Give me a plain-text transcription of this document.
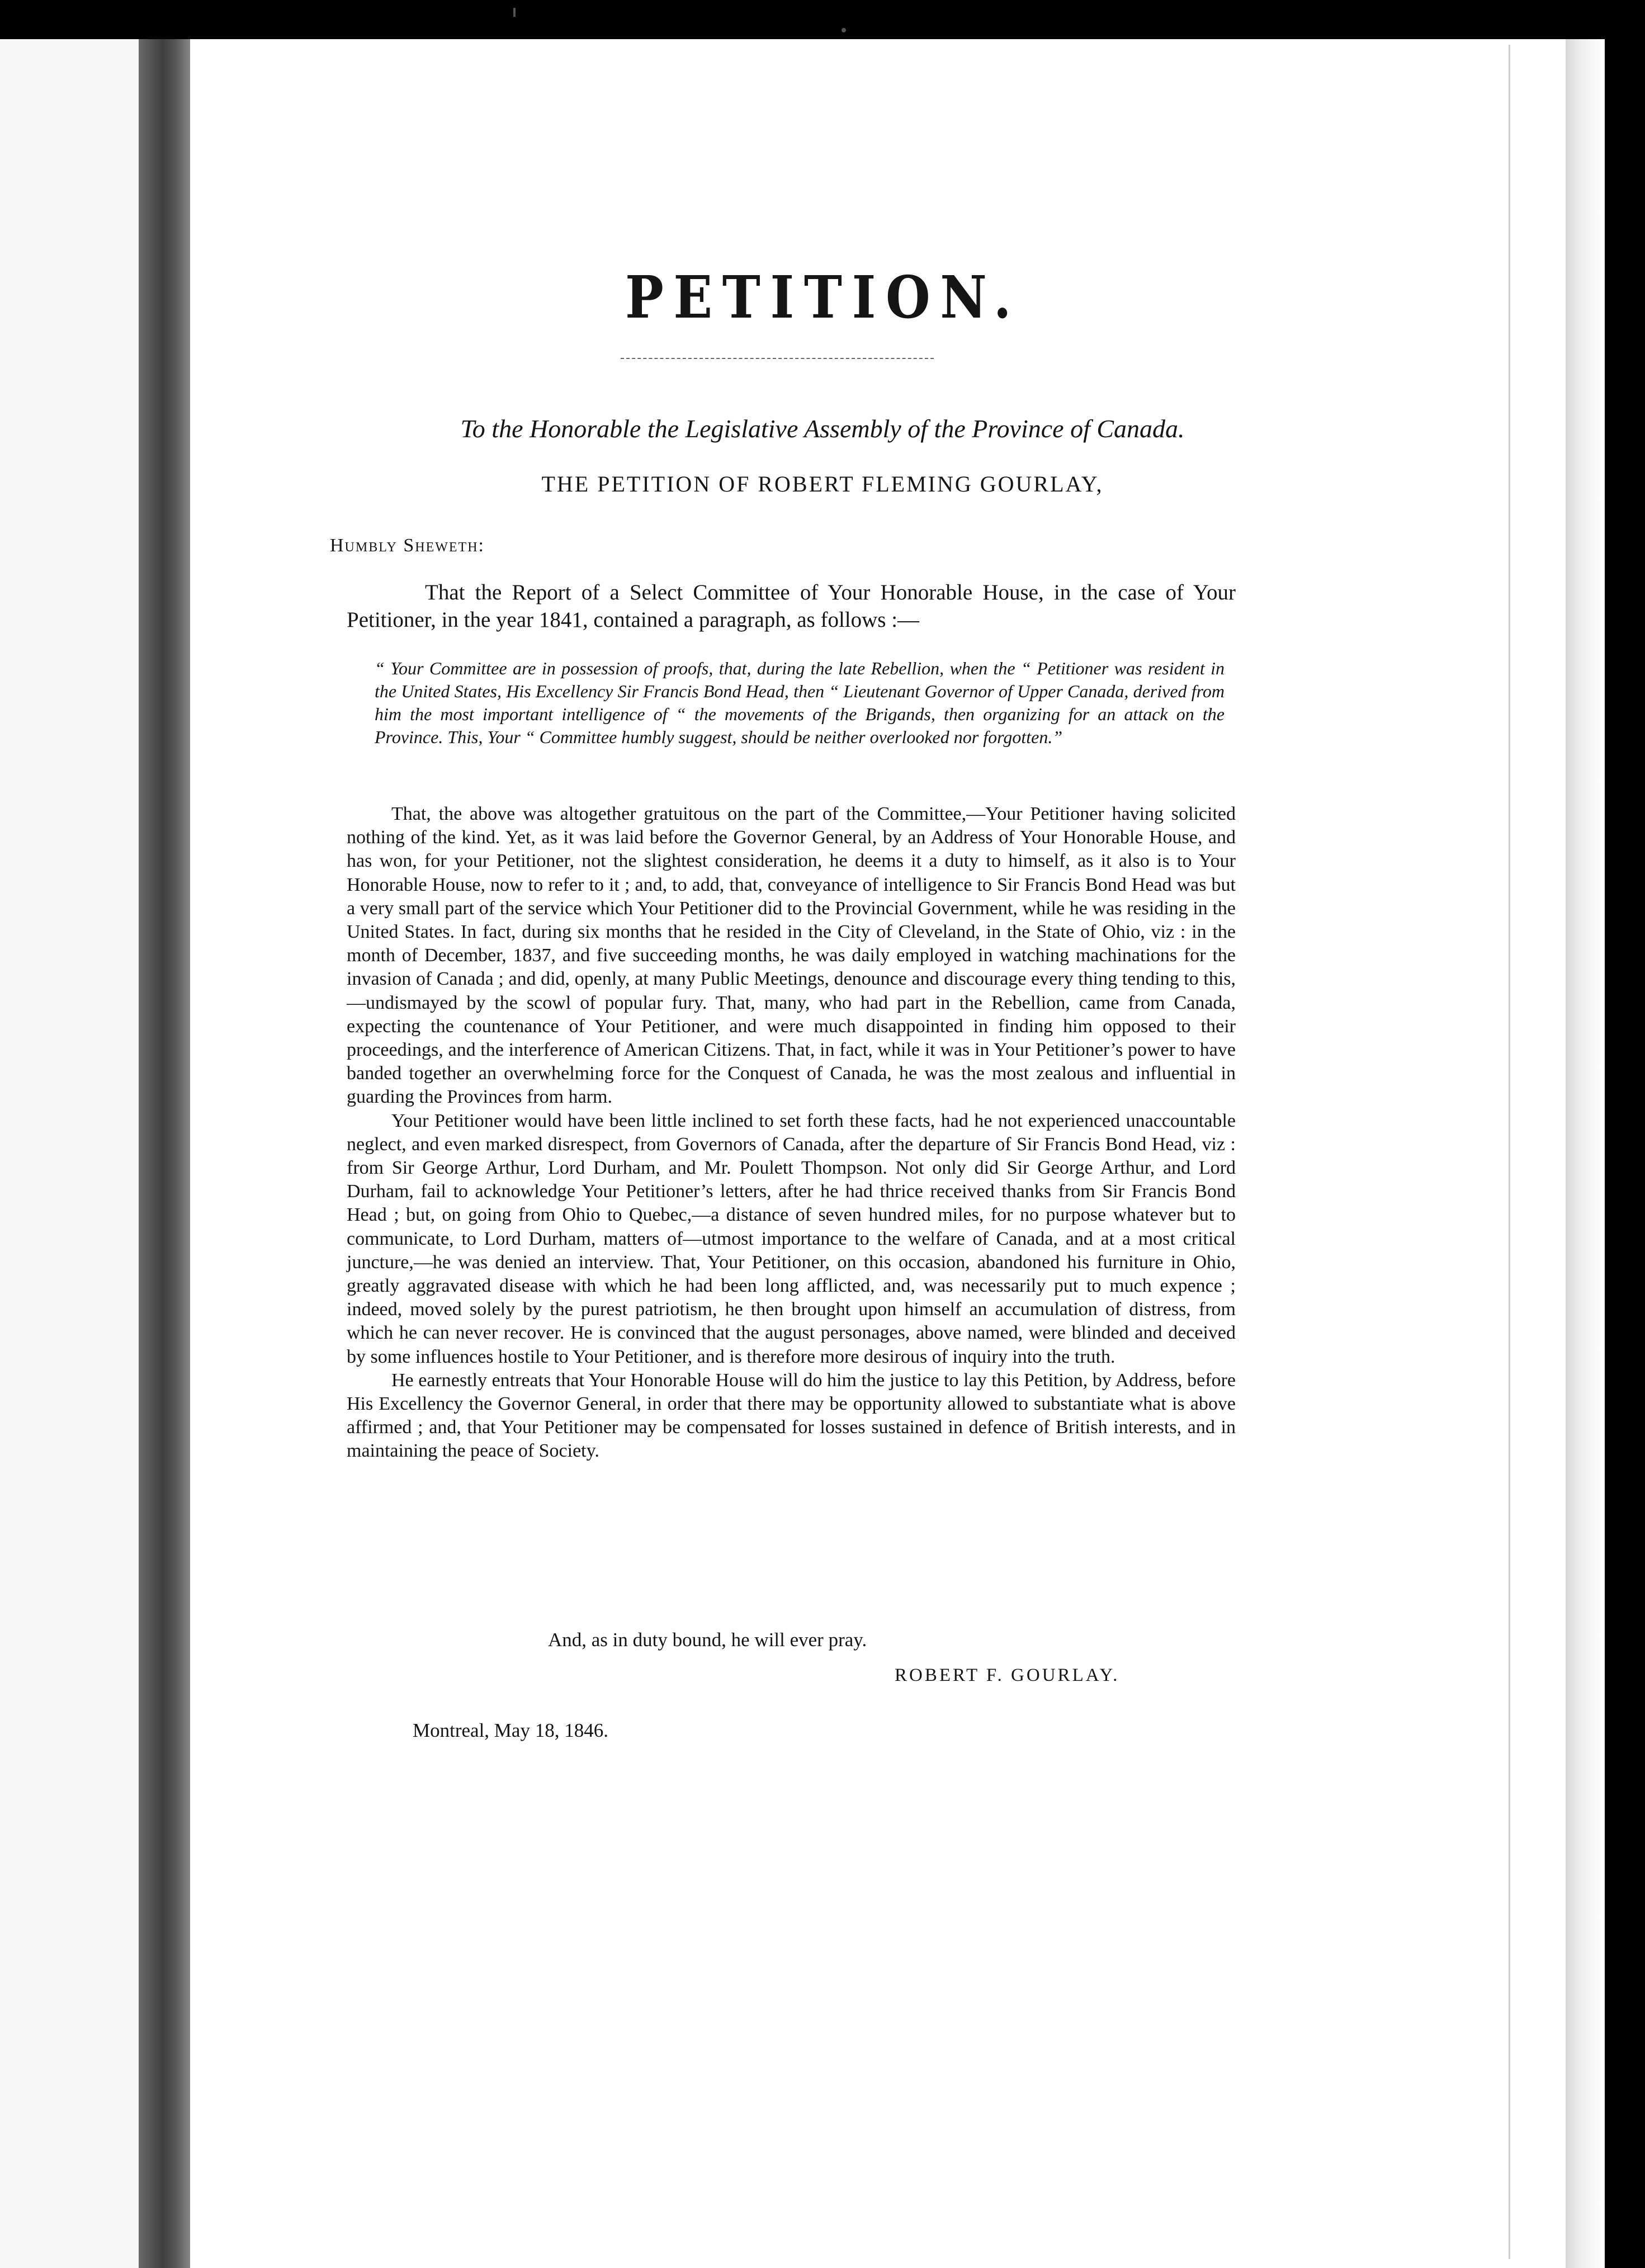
PETITION.
To the Honorable the Legislative Assembly of the Province of Canada.
THE PETITION OF ROBERT FLEMING GOURLAY,
Humbly Sheweth:

That the Report of a Select Committee of Your Honorable House, in the case of Your Petitioner, in the year 1841, contained a paragraph, as follows :—

“ Your Committee are in possession of proofs, that, during the late Rebellion, when the “ Petitioner was resident in the United States, His Excellency Sir Francis Bond Head, then “ Lieutenant Governor of Upper Canada, derived from him the most important intelligence of “ the movements of the Brigands, then organizing for an attack on the Province. This, Your “ Committee humbly suggest, should be neither overlooked nor forgotten.”

That, the above was altogether gratuitous on the part of the Committee,—Your Petitioner having solicited nothing of the kind. Yet, as it was laid before the Governor General, by an Address of Your Honorable House, and has won, for your Petitioner, not the slightest consideration, he deems it a duty to himself, as it also is to Your Honorable House, now to refer to it ; and, to add, that, conveyance of intelligence to Sir Francis Bond Head was but a very small part of the service which Your Petitioner did to the Provincial Government, while he was residing in the United States. In fact, during six months that he resided in the City of Cleveland, in the State of Ohio, viz : in the month of December, 1837, and five succeeding months, he was daily employed in watching machinations for the invasion of Canada ; and did, openly, at many Public Meetings, denounce and discourage every thing tending to this,—undismayed by the scowl of popular fury. That, many, who had part in the Rebellion, came from Canada, expecting the countenance of Your Petitioner, and were much disappointed in finding him opposed to their proceedings, and the interference of American Citizens. That, in fact, while it was in Your Petitioner’s power to have banded together an overwhelming force for the Conquest of Canada, he was the most zealous and influential in guarding the Provinces from harm.

Your Petitioner would have been little inclined to set forth these facts, had he not experienced unaccountable neglect, and even marked disrespect, from Governors of Canada, after the departure of Sir Francis Bond Head, viz : from Sir George Arthur, Lord Durham, and Mr. Poulett Thompson. Not only did Sir George Arthur, and Lord Durham, fail to acknowledge Your Petitioner’s letters, after he had thrice received thanks from Sir Francis Bond Head ; but, on going from Ohio to Quebec,—a distance of seven hundred miles, for no purpose whatever but to communicate, to Lord Durham, matters of—utmost importance to the welfare of Canada, and at a most critical juncture,—he was denied an interview. That, Your Petitioner, on this occasion, abandoned his furniture in Ohio, greatly aggravated disease with which he had been long afflicted, and, was necessarily put to much expence ; indeed, moved solely by the purest patriotism, he then brought upon himself an accumulation of distress, from which he can never recover. He is convinced that the august personages, above named, were blinded and deceived by some influences hostile to Your Petitioner, and is therefore more desirous of inquiry into the truth.

He earnestly entreats that Your Honorable House will do him the justice to lay this Petition, by Address, before His Excellency the Governor General, in order that there may be opportunity allowed to substantiate what is above affirmed ; and, that Your Petitioner may be compensated for losses sustained in defence of British interests, and in maintaining the peace of Society.

And, as in duty bound, he will ever pray.
ROBERT F. GOURLAY.
Montreal, May 18, 1846.
